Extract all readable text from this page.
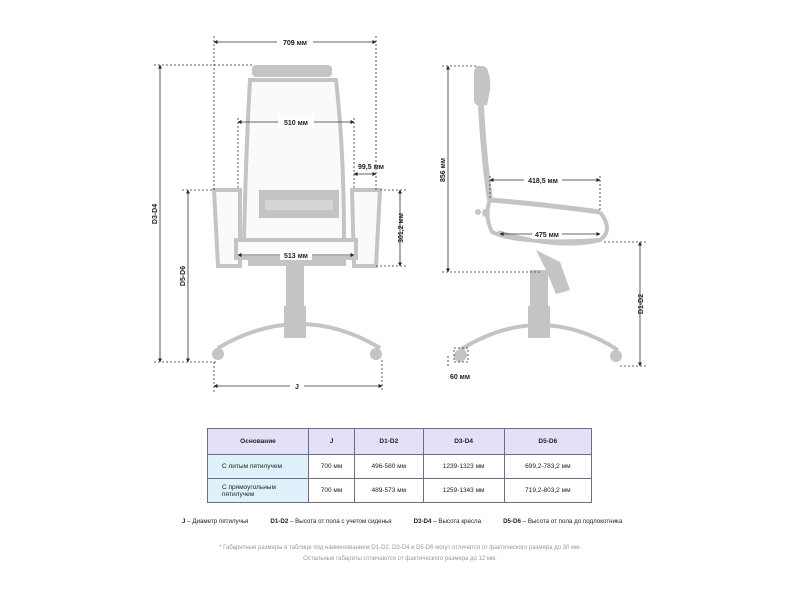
709 мм
510 мм
99,5 мм
513 мм
301,2 мм
D3-D4
D5-D6
J
856 мм	418,5 мм
475 мм
D1-D2
60 мм
Основание	J	D1-D2	D3-D4	D5-D6
С литым пятилучем	700 мм	496-580 мм	1239-1323 мм	699,2-783,2 мм
С прямоугольным пятилучем	700 мм	489-573 мм	1259-1343 мм	719,2-803,2 мм
J – Диаметр пятилучья	D1-D2 – Высота от пола с учетом сиденья	D3-D4 – Высота кресла	D5-D6 – Высота от пола до подлокотника
* Габаритные размеры в таблице под наименованием D1-D2, D3-D4 и D5-D6 могут отличатся от фактического размера до 30 мм.
Остальные габариты отличаются от фактического размера до 12 мм.
